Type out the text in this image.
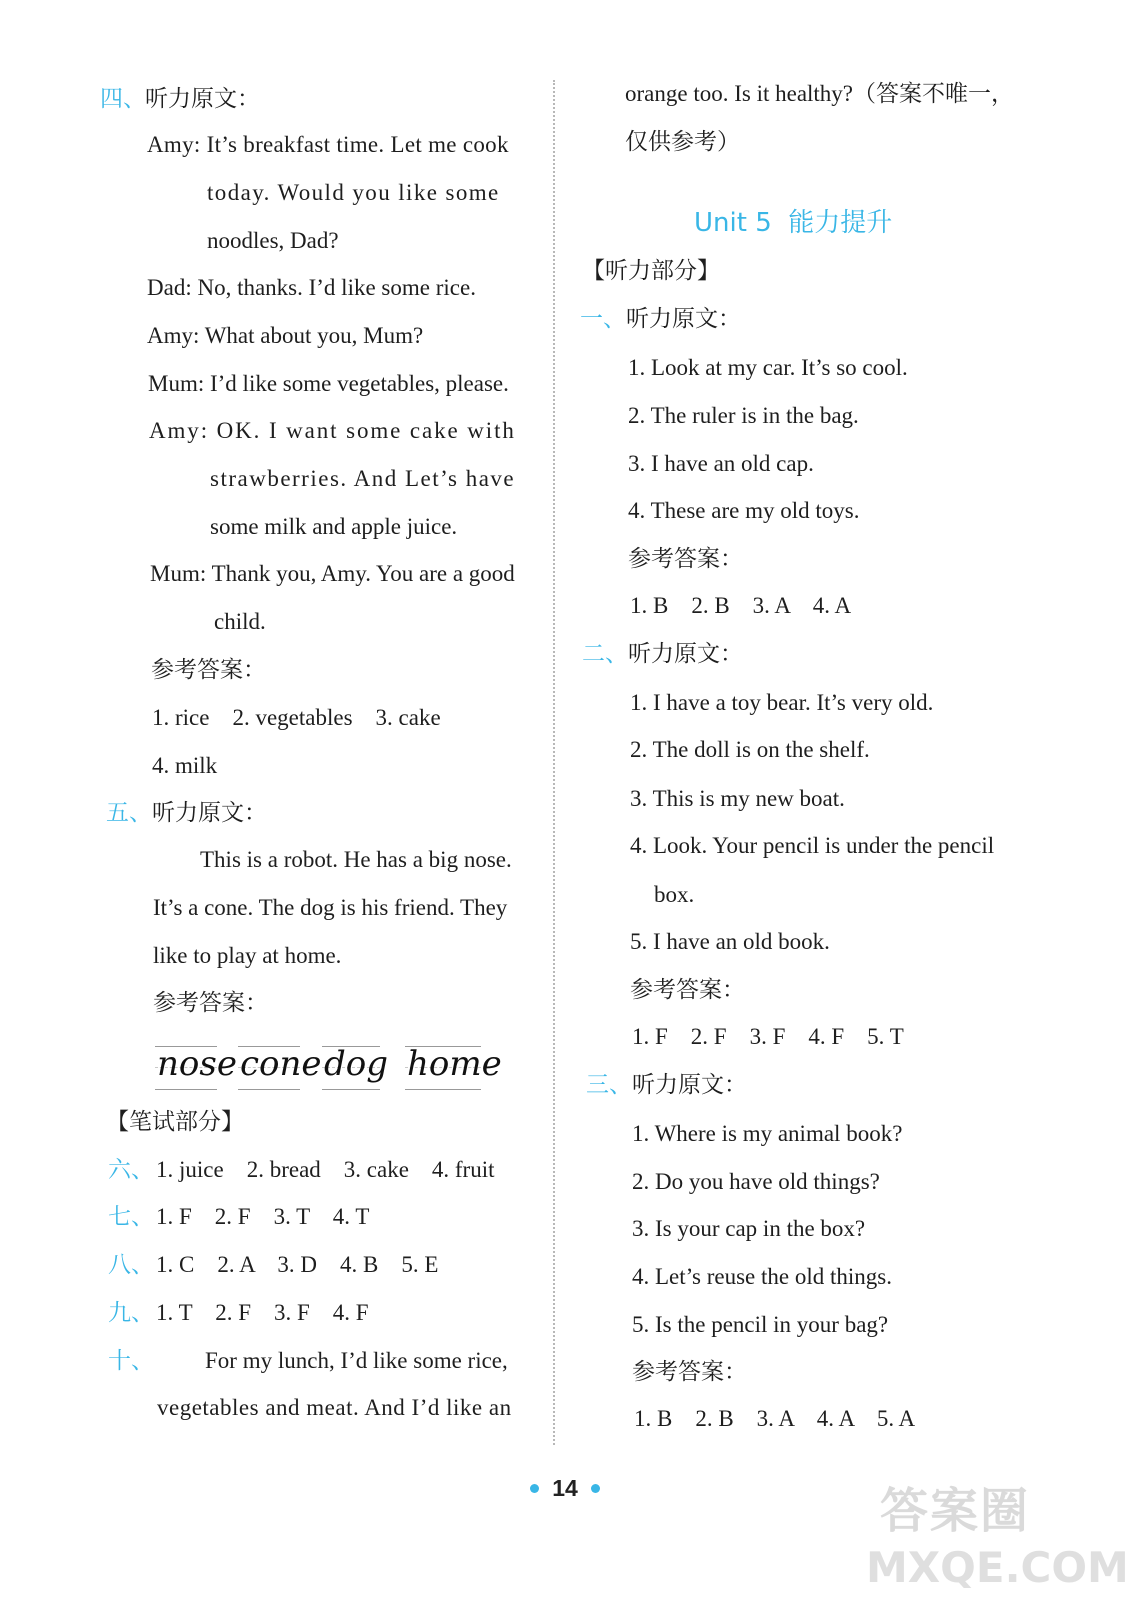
四、 听力原文：
Amy: It’s breakfast time. Let me cook
today. Would you like some
noodles, Dad?
Dad: No, thanks. I’d like some rice.
Amy: What about you, Mum?
Mum: I’d like some vegetables, please.
Amy: OK. I want some cake with
strawberries. And Let’s have
some milk and apple juice.
Mum: Thank you, Amy. You are a good
child.
参考答案：
1. rice    2. vegetables    3. cake
4. milk
五、 听力原文：
This is a robot. He has a big nose.
It’s a cone. The dog is his friend. They
like to play at home.
参考答案：
nose cone dog home
【笔试部分】
六、 1. juice    2. bread    3. cake    4. fruit
七、 1. F    2. F    3. T    4. T
八、 1. C    2. A    3. D    4. B    5. E
九、 1. T    2. F    3. F    4. F
十、 For my lunch, I’d like some rice,
vegetables and meat. And I’d like an
orange too. Is it healthy?（答案不唯一，
仅供参考）
Unit 5  能力提升
【听力部分】
一、 听力原文：
1. Look at my car. It’s so cool.
2. The ruler is in the bag.
3. I have an old cap.
4. These are my old toys.
参考答案：
1. B    2. B    3. A    4. A
二、 听力原文：
1. I have a toy bear. It’s very old.
2. The doll is on the shelf.
3. This is my new boat.
4. Look. Your pencil is under the pencil
box.
5. I have an old book.
参考答案：
1. F    2. F    3. F    4. F    5. T
三、 听力原文：
1. Where is my animal book?
2. Do you have old things?
3. Is your cap in the box?
4. Let’s reuse the old things.
5. Is the pencil in your bag?
参考答案：
1. B    2. B    3. A    4. A    5. A
14	答案圈
MXQE.COM
